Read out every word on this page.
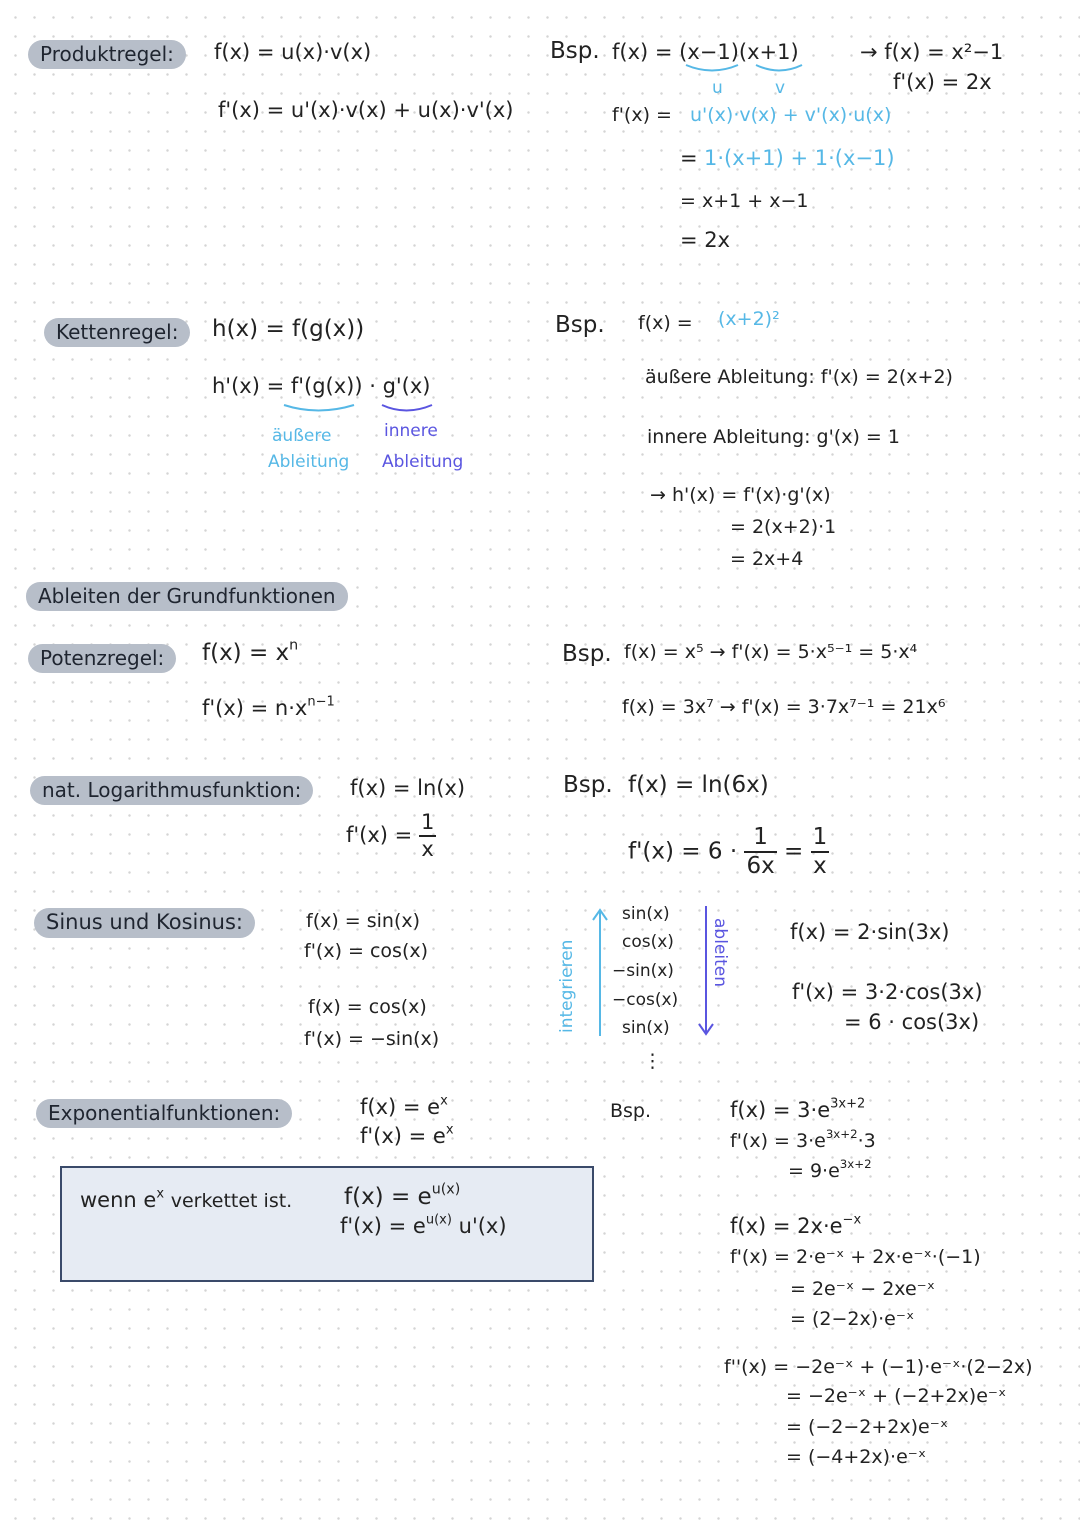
Produktregel:	f(x) = u(x)·v(x)
f'(x) = u'(x)·v(x) + u(x)·v'(x)
Bsp. f(x) = (x−1)(x+1)
u	v
→ f(x) = x²−1
f'(x) = 2x
f'(x) = u'(x)·v(x) + v'(x)·u(x)
= 1·(x+1) + 1·(x−1)
= x+1 + x−1
= 2x
Kettenregel:	h(x) = f(g(x))
h'(x) = f'(g(x)) · g'(x)
äußere
Ableitung
innere
Ableitung
Bsp. f(x) = (x+2)²
äußere Ableitung: f'(x) = 2(x+2)
innere Ableitung: g'(x) = 1
→ h'(x) = f'(x)·g'(x)
= 2(x+2)·1
= 2x+4
Ableiten der Grundfunktionen
Potenzregel:	$f(x) = x^n$
$f'(x) = n\cdot x^{n-1}$
Bsp. f(x) = x⁵ → f'(x) = 5·x⁵⁻¹ = 5·x⁴
f(x) = 3x⁷ → f'(x) = 3·7x⁷⁻¹ = 21x⁶
nat. Logarithmusfunktion:	f(x) = ln(x)
$f'(x) = \frac{1}{x}$
Bsp. f(x) = ln(6x)
$f'(x) = 6 \cdot \frac{1}{6x} = \frac{1}{x}$
Sinus und Kosinus:	f(x) = sin(x)
f'(x) = cos(x)
f(x) = cos(x)
f'(x) = −sin(x)
integrieren
sin(x)
cos(x)
−sin(x)
−cos(x)
sin(x)
⋮
ableiten	f(x) = 2·sin(3x)
f'(x) = 3·2·cos(3x)
= 6 · cos(3x)
Exponentialfunktionen:	$f(x) = e^x$
$f'(x) = e^x$
wenn $e^x$ verkettet ist. $f(x) = e^{u(x)}$
$f'(x) = e^{u(x)}$ u'(x)
Bsp.	$f(x) = 3\cdot e^{3x+2}$
$f'(x) = 3\cdot e^{3x+2}\cdot 3$
= $9\cdot e^{3x+2}$
$f(x) = 2x\cdot e^{-x}$
f'(x) = 2·e⁻ˣ + 2x·e⁻ˣ·(−1)
= 2e⁻ˣ − 2xe⁻ˣ
= (2−2x)·e⁻ˣ
f''(x) = −2e⁻ˣ + (−1)·e⁻ˣ·(2−2x)
= −2e⁻ˣ + (−2+2x)e⁻ˣ
= (−2−2+2x)e⁻ˣ
= (−4+2x)·e⁻ˣ
